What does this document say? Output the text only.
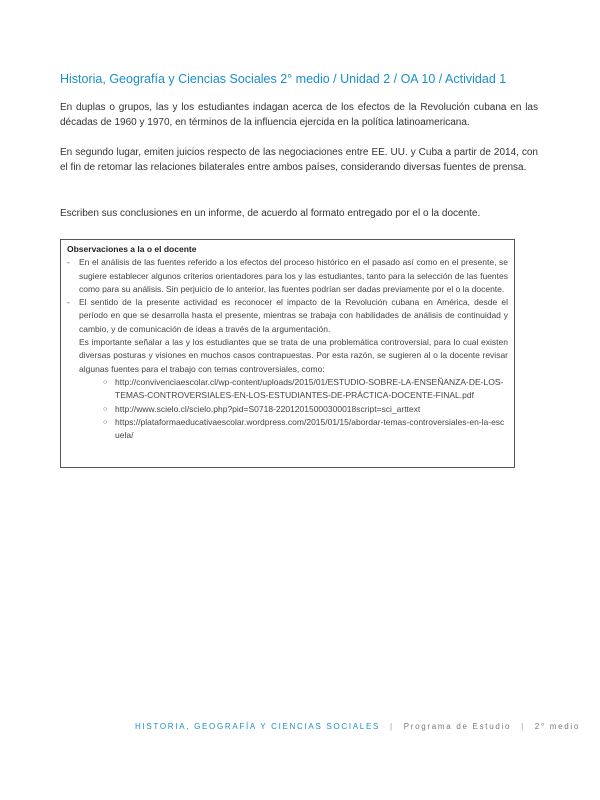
Historia, Geografía y Ciencias Sociales 2° medio / Unidad 2 / OA 10 / Actividad 1

En duplas o grupos, las y los estudiantes indagan acerca de los efectos de la Revolución cubana en las décadas de 1960 y 1970, en términos de la influencia ejercida en la política latinoamericana.

En segundo lugar, emiten juicios respecto de las negociaciones entre EE. UU. y Cuba a partir de 2014, con el fin de retomar las relaciones bilaterales entre ambos países, considerando diversas fuentes de prensa.

Escriben sus conclusiones en un informe, de acuerdo al formato entregado por el o la docente.

Observaciones a la o el docente
- En el análisis de las fuentes referido a los efectos del proceso histórico en el pasado así como en el presente, se sugiere establecer algunos criterios orientadores para los y las estudiantes, tanto para la selección de las fuentes como para su análisis. Sin perjuicio de lo anterior, las fuentes podrían ser dadas previamente por el o la docente.
- El sentido de la presente actividad es reconocer el impacto de la Revolución cubana en América, desde el período en que se desarrolla hasta el presente, mientras se trabaja con habilidades de análisis de continuidad y cambio, y de comunicación de ideas a través de la argumentación.
Es importante señalar a las y los estudiantes que se trata de una problemática controversial, para lo cual existen diversas posturas y visiones en muchos casos contrapuestas. Por esta razón, se sugieren al o la docente revisar algunas fuentes para el trabajo con temas controversiales, como:
○ http://convivenciaescolar.cl/wp-content/uploads/2015/01/ESTUDIO-SOBRE-LA-ENSEÑANZA-DE-LOS-TEMAS-CONTROVERSIALES-EN-LOS-ESTUDIANTES-DE-PRÁCTICA-DOCENTE-FINAL.pdf
○ http://www.scielo.cl/scielo.php?pid=S0718-22012015000300018script=sci_arttext
○ https://plataformaeducativaescolar.wordpress.com/2015/01/15/abordar-temas-controversiales-en-la-escuela/
HISTORIA, GEOGRAFÍA Y CIENCIAS SOCIALES | Programa de Estudio | 2° medio
